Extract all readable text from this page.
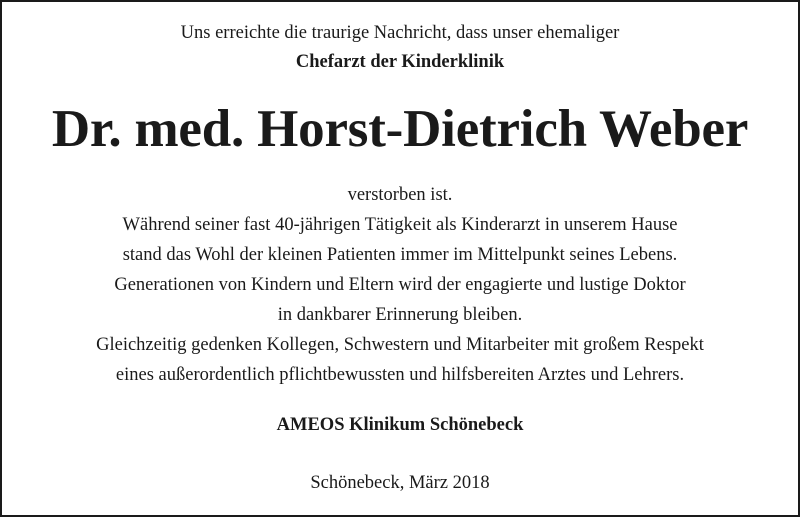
Uns erreichte die traurige Nachricht, dass unser ehemaliger
Chefarzt der Kinderklinik
Dr. med. Horst-Dietrich Weber
verstorben ist.
Während seiner fast 40-jährigen Tätigkeit als Kinderarzt in unserem Hause
stand das Wohl der kleinen Patienten immer im Mittelpunkt seines Lebens.
Generationen von Kindern und Eltern wird der engagierte und lustige Doktor
in dankbarer Erinnerung bleiben.
Gleichzeitig gedenken Kollegen, Schwestern und Mitarbeiter mit großem Respekt
eines außerordentlich pflichtbewussten und hilfsbereiten Arztes und Lehrers.
AMEOS Klinikum Schönebeck
Schönebeck, März 2018
